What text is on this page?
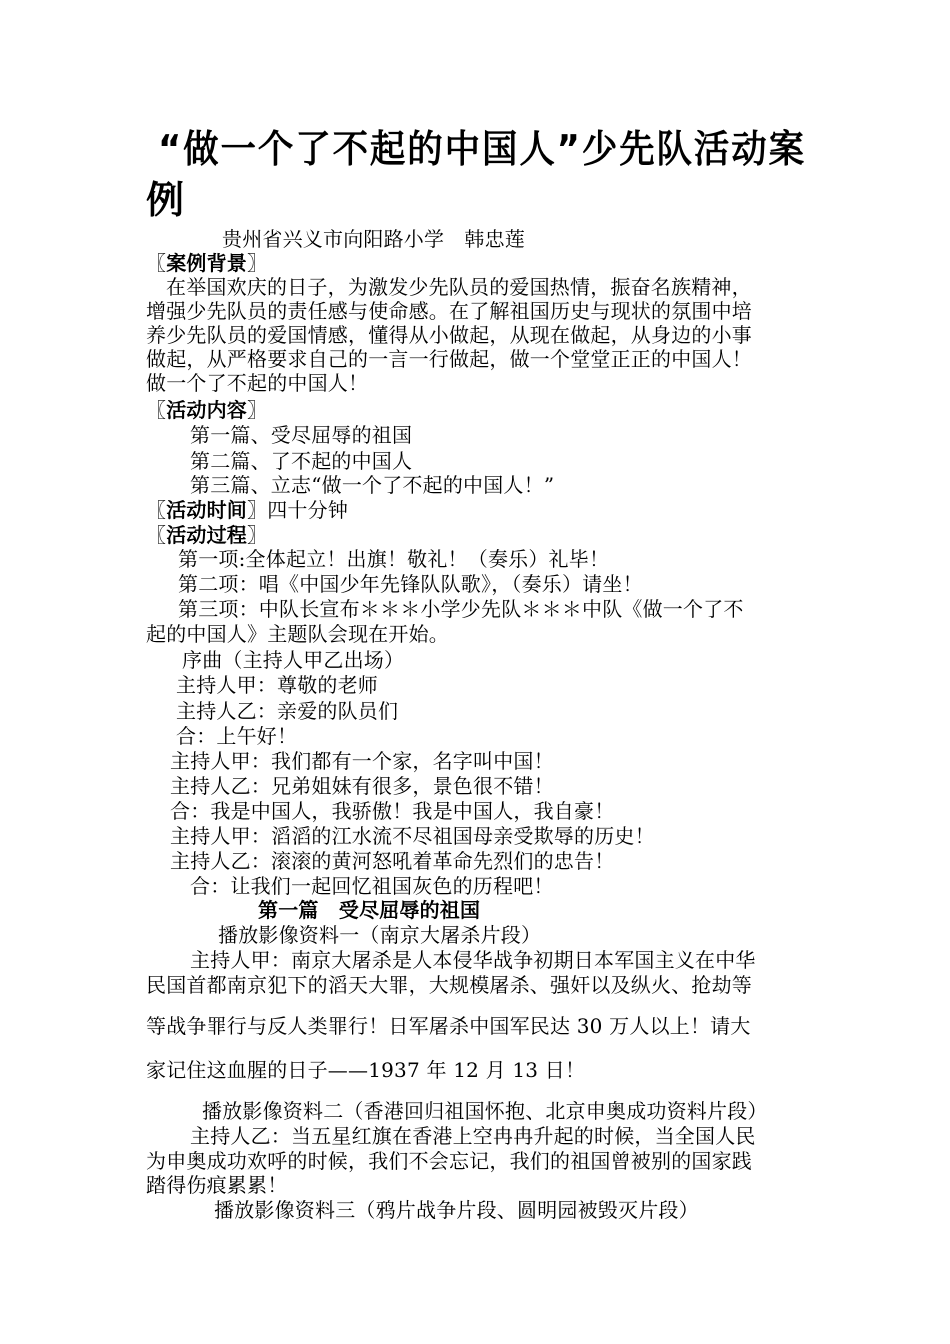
“做一个了不起的中国人”少先队活动案
例
贵州省兴义市向阳路小学　韩忠莲
〖案例背景〗
在举国欢庆的日子，为激发少先队员的爱国热情，振奋名族精神，
增强少先队员的责任感与使命感。在了解祖国历史与现状的氛围中培
养少先队员的爱国情感，懂得从小做起，从现在做起，从身边的小事
做起，从严格要求自己的一言一行做起，做一个堂堂正正的中国人！
做一个了不起的中国人！
〖活动内容〗
第一篇、受尽屈辱的祖国
第二篇、了不起的中国人
第三篇、立志“做一个了不起的中国人！”
〖活动时间〗四十分钟
〖活动过程〗
第一项:全体起立！出旗！敬礼！（奏乐）礼毕！
第二项：唱《中国少年先锋队队歌》，（奏乐）请坐！
第三项：中队长宣布＊＊＊小学少先队＊＊＊中队《做一个了不
起的中国人》主题队会现在开始。
序曲（主持人甲乙出场）
主持人甲：尊敬的老师
主持人乙：亲爱的队员们
合：上午好！
主持人甲：我们都有一个家，名字叫中国！
主持人乙：兄弟姐妹有很多，景色很不错！
合：我是中国人，我骄傲！我是中国人，我自豪！
主持人甲：滔滔的江水流不尽祖国母亲受欺辱的历史！
主持人乙：滚滚的黄河怒吼着革命先烈们的忠告！
合：让我们一起回忆祖国灰色的历程吧！
第一篇　受尽屈辱的祖国
播放影像资料一（南京大屠杀片段）
主持人甲：南京大屠杀是人本侵华战争初期日本军国主义在中华
民国首都南京犯下的滔天大罪，大规模屠杀、强奸以及纵火、抢劫等
等战争罪行与反人类罪行！日军屠杀中国军民达 30 万人以上！请大
家记住这血腥的日子——1937 年 12 月 13 日！
播放影像资料二（香港回归祖国怀抱、北京申奥成功资料片段）
主持人乙：当五星红旗在香港上空冉冉升起的时候，当全国人民
为申奥成功欢呼的时候，我们不会忘记，我们的祖国曾被别的国家践
踏得伤痕累累！
播放影像资料三（鸦片战争片段、圆明园被毁灭片段）
